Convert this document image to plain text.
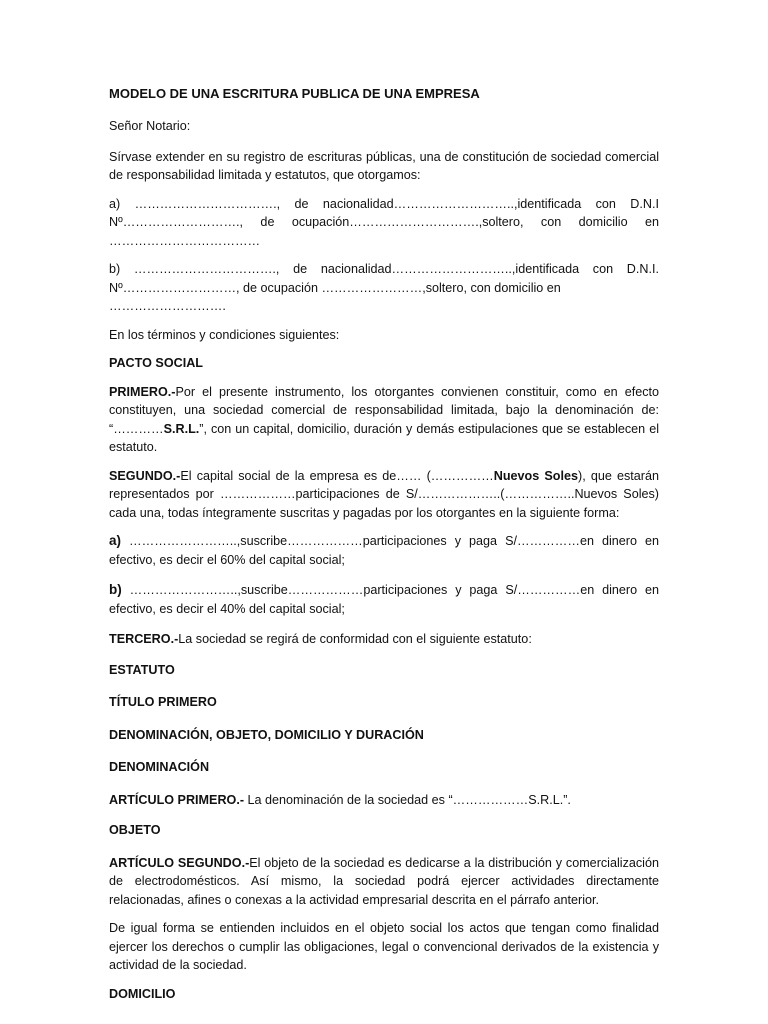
MODELO DE UNA ESCRITURA PUBLICA DE UNA EMPRESA

Señor Notario:

Sírvase extender en su registro de escrituras públicas, una de constitución de sociedad comercial de responsabilidad limitada y estatutos, que otorgamos:

a) ……………………………., de nacionalidad………………………..,identificada con D.N.I

Nº………………………., de ocupación………………………….,soltero, con domicilio en

………………………………

b) ……………………………., de nacionalidad………………………..,identificada con D.N.I.

Nº………………………, de ocupación ……………………,soltero, con domicilio en ……………………….

En los términos y condiciones siguientes:

PACTO SOCIAL

PRIMERO.-Por el presente instrumento, los otorgantes convienen constituir, como en efecto constituyen, una sociedad comercial de responsabilidad limitada, bajo la denominación de: “…………S.R.L.”, con un capital, domicilio, duración y demás estipulaciones que se establecen el estatuto.

SEGUNDO.-El capital social de la empresa es de…… (……………Nuevos Soles), que estarán representados por ………………participaciones de S/………………..(……………..Nuevos Soles) cada una, todas íntegramente suscritas y pagadas por los otorgantes en la siguiente forma:

a) ……………………..,suscribe………………participaciones y paga S/……………en dinero en efectivo, es decir el 60% del capital social;

b) ……………………..,suscribe………………participaciones y paga S/……………en dinero en efectivo, es decir el 40% del capital social;

TERCERO.-La sociedad se regirá de conformidad con el siguiente estatuto:

ESTATUTO

TÍTULO PRIMERO

DENOMINACIÓN, OBJETO, DOMICILIO Y DURACIÓN

DENOMINACIÓN

ARTÍCULO PRIMERO.- La denominación de la sociedad es “………………S.R.L.”.

OBJETO

ARTÍCULO SEGUNDO.-El objeto de la sociedad es dedicarse a la distribución y comercialización de electrodomésticos. Así mismo, la sociedad podrá ejercer actividades directamente relacionadas, afines o conexas a la actividad empresarial descrita en el párrafo anterior.

De igual forma se entienden incluidos en el objeto social los actos que tengan como finalidad ejercer los derechos o cumplir las obligaciones, legal o convencional derivados de la existencia y actividad de la sociedad.

DOMICILIO
